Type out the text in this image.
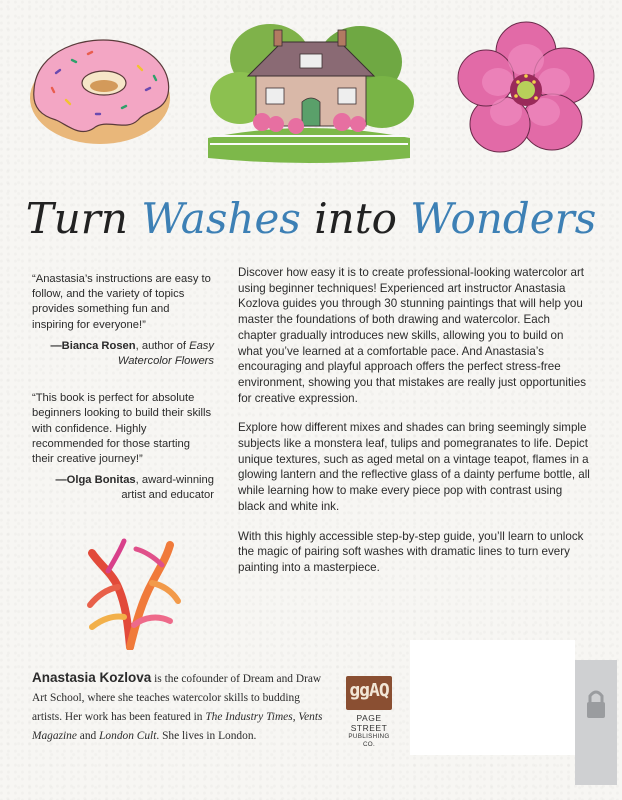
Turn Washes into Wonders

“Anastasia’s instructions are easy to follow, and the variety of topics provides something fun and inspiring for everyone!”

—Bianca Rosen, author of Easy Watercolor Flowers

“This book is perfect for absolute beginners looking to build their skills with confidence. Highly recommended for those starting their creative journey!”

—Olga Bonitas, award-winning artist and educator

Discover how easy it is to create professional-looking watercolor art using beginner techniques! Experienced art instructor Anastasia Kozlova guides you through 30 stunning paintings that will help you master the foundations of both drawing and watercolor. Each chapter gradually introduces new skills, allowing you to build on what you’ve learned at a comfortable pace. And Anastasia’s encouraging and playful approach offers the perfect stress-free environment, showing you that mistakes are really just opportunities for creative expression.

Explore how different mixes and shades can bring seemingly simple subjects like a monstera leaf, tulips and pomegranates to life. Depict unique textures, such as aged metal on a vintage teapot, flames in a glowing lantern and the reflective glass of a dainty perfume bottle, all while learning how to make every piece pop with contrast using black and white ink.

With this highly accessible step-by-step guide, you’ll learn to unlock the magic of pairing soft washes with dramatic lines to turn every painting into a masterpiece.

Anastasia Kozlova is the cofounder of Dream and Draw Art School, where she teaches watercolor skills to budding artists. Her work has been featured in The Industry Times, Vents Magazine and London Cult. She lives in London.
ggAQ
PAGE STREET
PUBLISHING CO.
